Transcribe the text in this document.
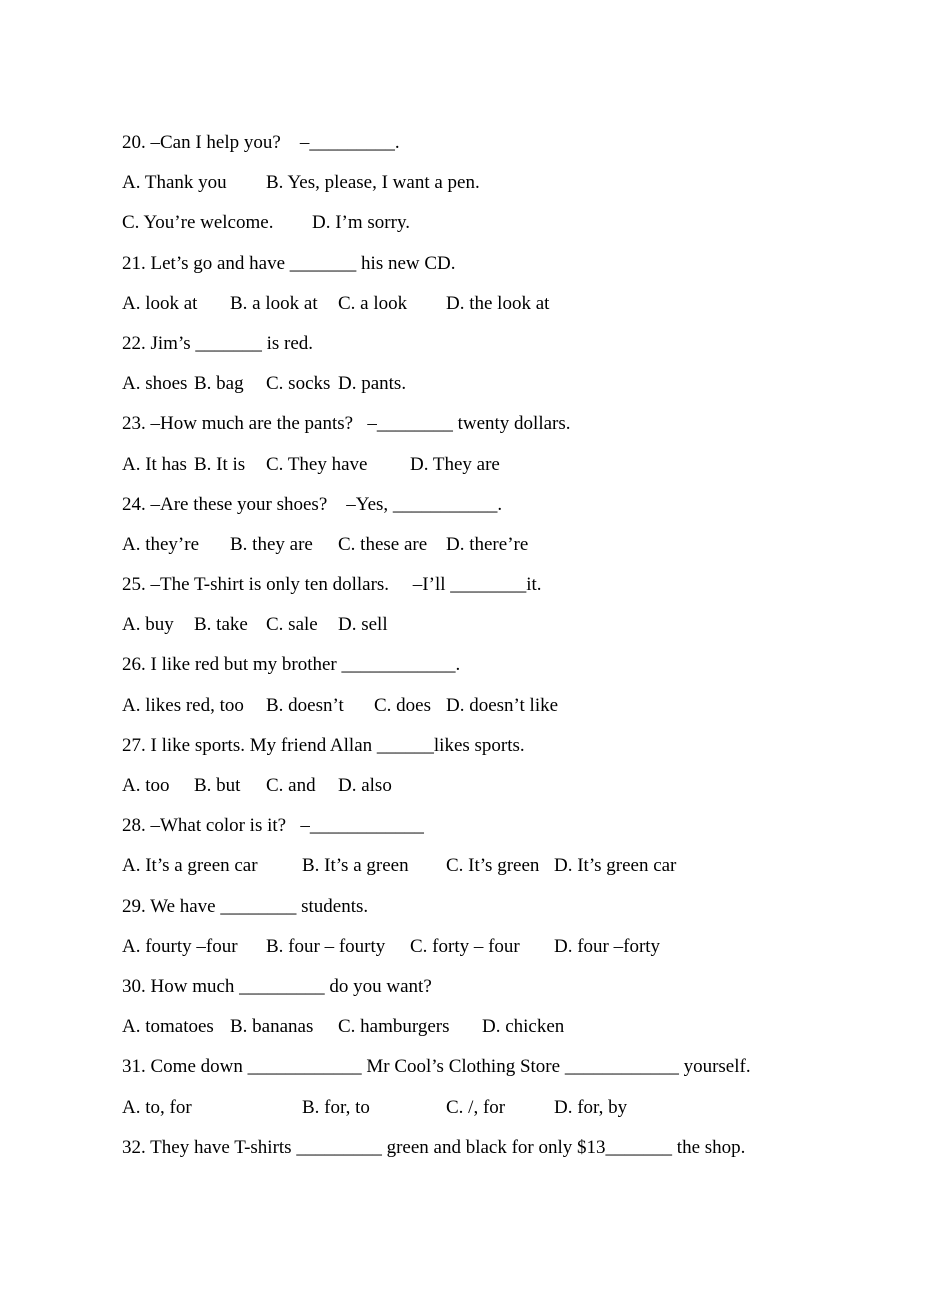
20. –Can I help you?    –_________.

A. Thank you

B. Yes, please, I want a pen.

C. You’re welcome.

D. I’m sorry.

21. Let’s go and have _______ his new CD.

A. look at

B. a look at

C. a look

D. the look at

22. Jim’s _______ is red.

A. shoes

B. bag

C. socks

D. pants.

23. –How much are the pants?   –________ twenty dollars.

A. It has

B. It is

C. They have

D. They are

24. –Are these your shoes?    –Yes, ___________.

A. they’re

B. they are

C. these are

D. there’re

25. –The T-shirt is only ten dollars.     –I’ll ________it.

A. buy

B. take

C. sale

D. sell

26. I like red but my brother ____________.

A. likes red, too

B. doesn’t

C. does

D. doesn’t like

27. I like sports. My friend Allan ______likes sports.

A. too

B. but

C. and

D. also

28. –What color is it?   –____________

A. It’s a green car

B. It’s a green

C. It’s green

D. It’s green car

29. We have ________ students.

A. fourty –four

B. four – fourty

C. forty – four

D. four –forty

30. How much _________ do you want?

A. tomatoes

B. bananas

C. hamburgers

D. chicken

31. Come down ____________ Mr Cool’s Clothing Store ____________ yourself.

A. to, for

	B. for, to

	C. /, for

	D. for, by

32. They have T-shirts _________ green and black for only $13_______ the shop.
